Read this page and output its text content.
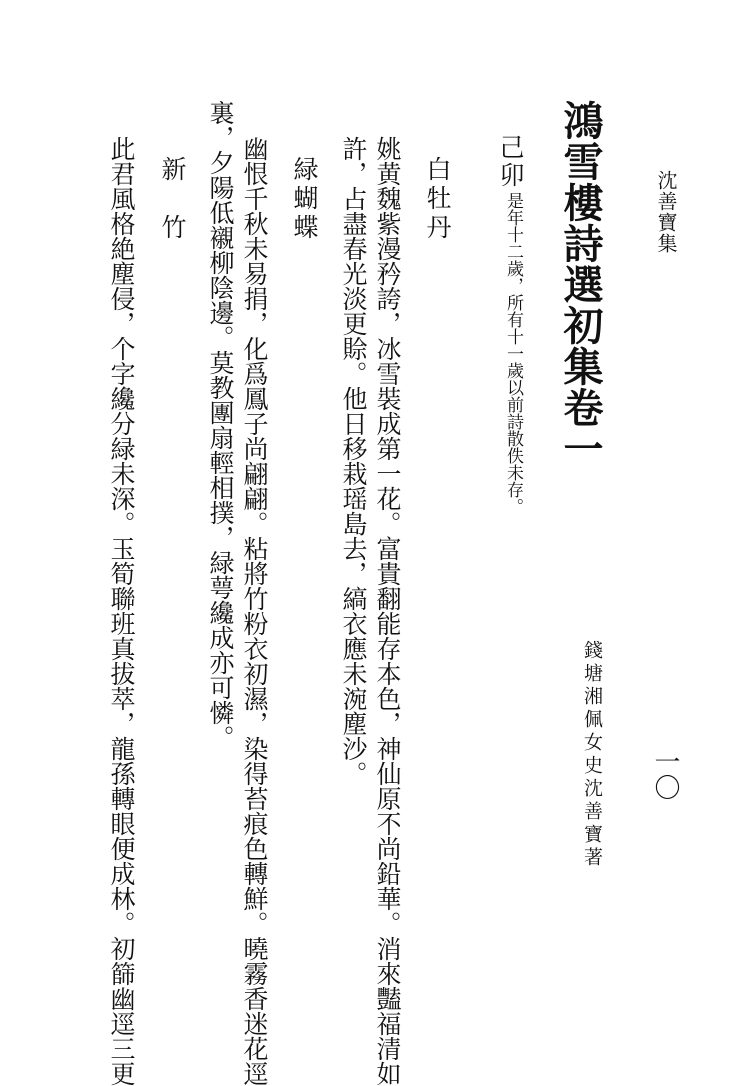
沈善寶集
一〇
錢塘湘佩女史沈善寶著
鴻雪樓詩選初集卷一
己卯
是年十二歲，所有十一歲以前詩散佚未存。
白牡丹
姚黄魏紫漫矜誇，冰雪裝成第一花。富貴翻能存本色，神仙原不尚鉛華。消來豔福清如
許，占盡春光淡更賒。他日移栽瑶島去，縞衣應未涴塵沙。
緑蝴蝶
幽恨千秋未易捐，化爲鳳子尚翩翩。粘將竹粉衣初濕，染得苔痕色轉鮮。曉霧香迷花逕
裏，夕陽低襯柳陰邊。莫教團扇輕相撲，緑萼纔成亦可憐。
新　竹
此君風格絶塵侵，个字纔分緑未深。玉筍聯班真拔萃，龍孫轉眼便成林。初篩幽逕三更
